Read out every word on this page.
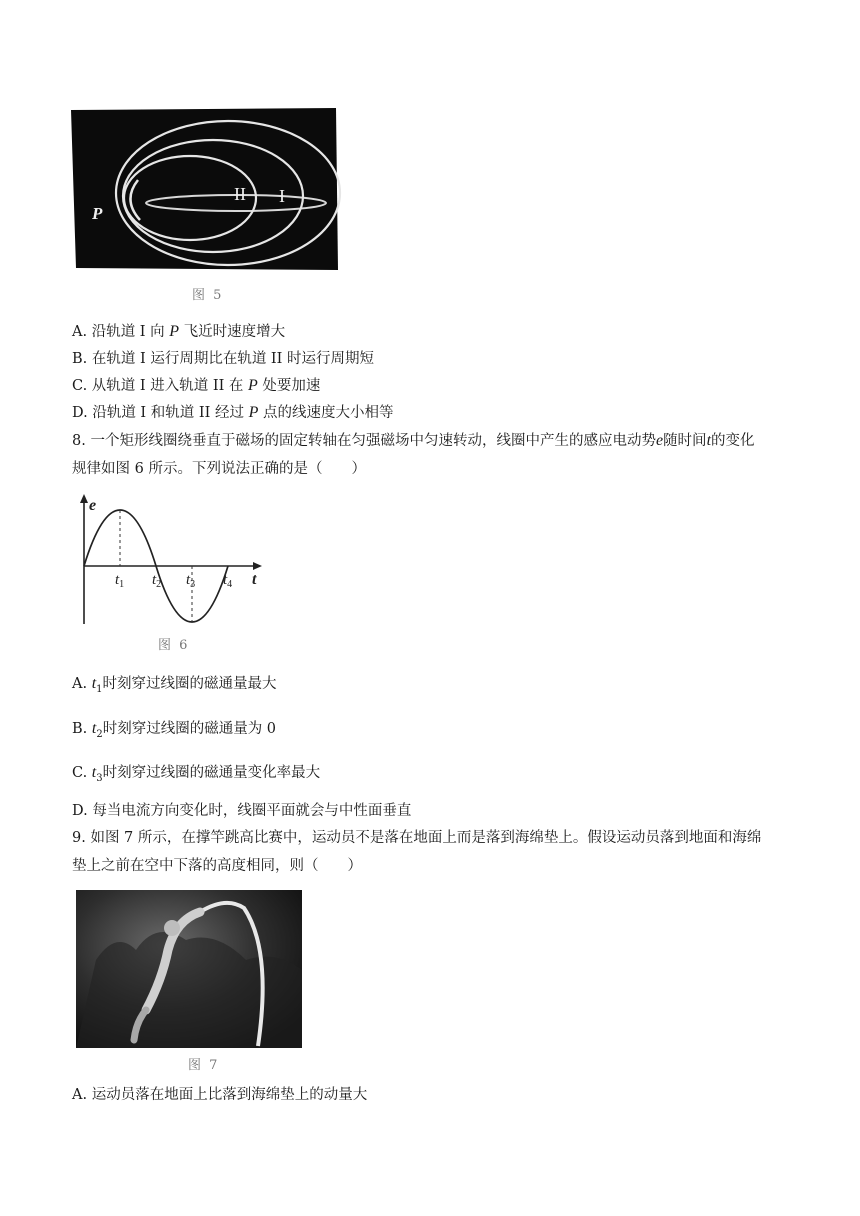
P
II I
图 5
A. 沿轨道 I 向 P 飞近时速度增大
B. 在轨道 I 运行周期比在轨道 II 时运行周期短
C. 从轨道 I 进入轨道 II 在 P 处要加速
D. 沿轨道 I 和轨道 II 经过 P 点的线速度大小相等
8. 一个矩形线圈绕垂直于磁场的固定转轴在匀强磁场中匀速转动，线圈中产生的感应电动势e随时间t的变化
规律如图 6 所示。下列说法正确的是（　　）
e
t
$t_1$ $t_2$ $t_3$ $t_4$
图 6
A. $t_1$时刻穿过线圈的磁通量最大
B. $t_2$时刻穿过线圈的磁通量为 0
C. $t_3$时刻穿过线圈的磁通量变化率最大
D. 每当电流方向变化时，线圈平面就会与中性面垂直
9. 如图 7 所示，在撑竿跳高比赛中，运动员不是落在地面上而是落到海绵垫上。假设运动员落到地面和海绵
垫上之前在空中下落的高度相同，则（　　）
图 7
A. 运动员落在地面上比落到海绵垫上的动量大
